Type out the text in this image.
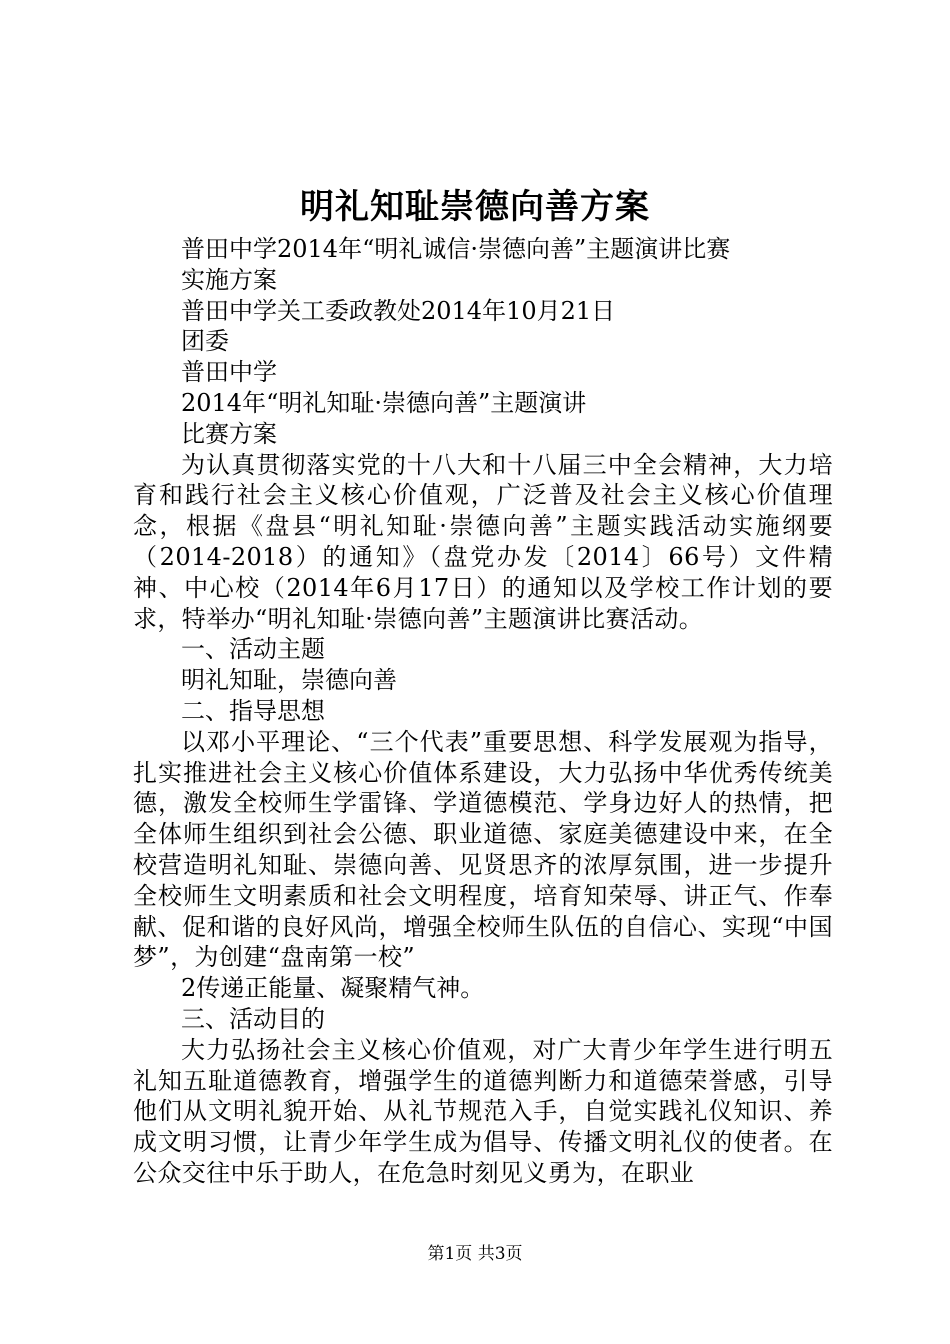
明礼知耻崇德向善方案

普田中学2014年“明礼诚信·崇德向善”主题演讲比赛

实施方案

普田中学关工委政教处2014年10月21日

团委

普田中学

2014年“明礼知耻·崇德向善”主题演讲

比赛方案

为认真贯彻落实党的十八大和十八届三中全会精神，大力培育和践行社会主义核心价值观，广泛普及社会主义核心价值理念，根据《盘县“明礼知耻·崇德向善”主题实践活动实施纲要（2014-2018）的通知》（盘党办发〔2014〕66号）文件精神、中心校（2014年6月17日）的通知以及学校工作计划的要求，特举办“明礼知耻·崇德向善”主题演讲比赛活动。

一、活动主题

明礼知耻，崇德向善

二、指导思想

以邓小平理论、“三个代表”重要思想、科学发展观为指导，扎实推进社会主义核心价值体系建设，大力弘扬中华优秀传统美德，激发全校师生学雷锋、学道德模范、学身边好人的热情，把全体师生组织到社会公德、职业道德、家庭美德建设中来，在全校营造明礼知耻、崇德向善、见贤思齐的浓厚氛围，进一步提升全校师生文明素质和社会文明程度，培育知荣辱、讲正气、作奉献、促和谐的良好风尚，增强全校师生队伍的自信心、实现“中国梦”，为创建“盘南第一校”

2传递正能量、凝聚精气神。

三、活动目的

大力弘扬社会主义核心价值观，对广大青少年学生进行明五礼知五耻道德教育，增强学生的道德判断力和道德荣誉感，引导他们从文明礼貌开始、从礼节规范入手，自觉实践礼仪知识、养成文明习惯，让青少年学生成为倡导、传播文明礼仪的使者。在公众交往中乐于助人，在危急时刻见义勇为，在职业

第1页 共3页
